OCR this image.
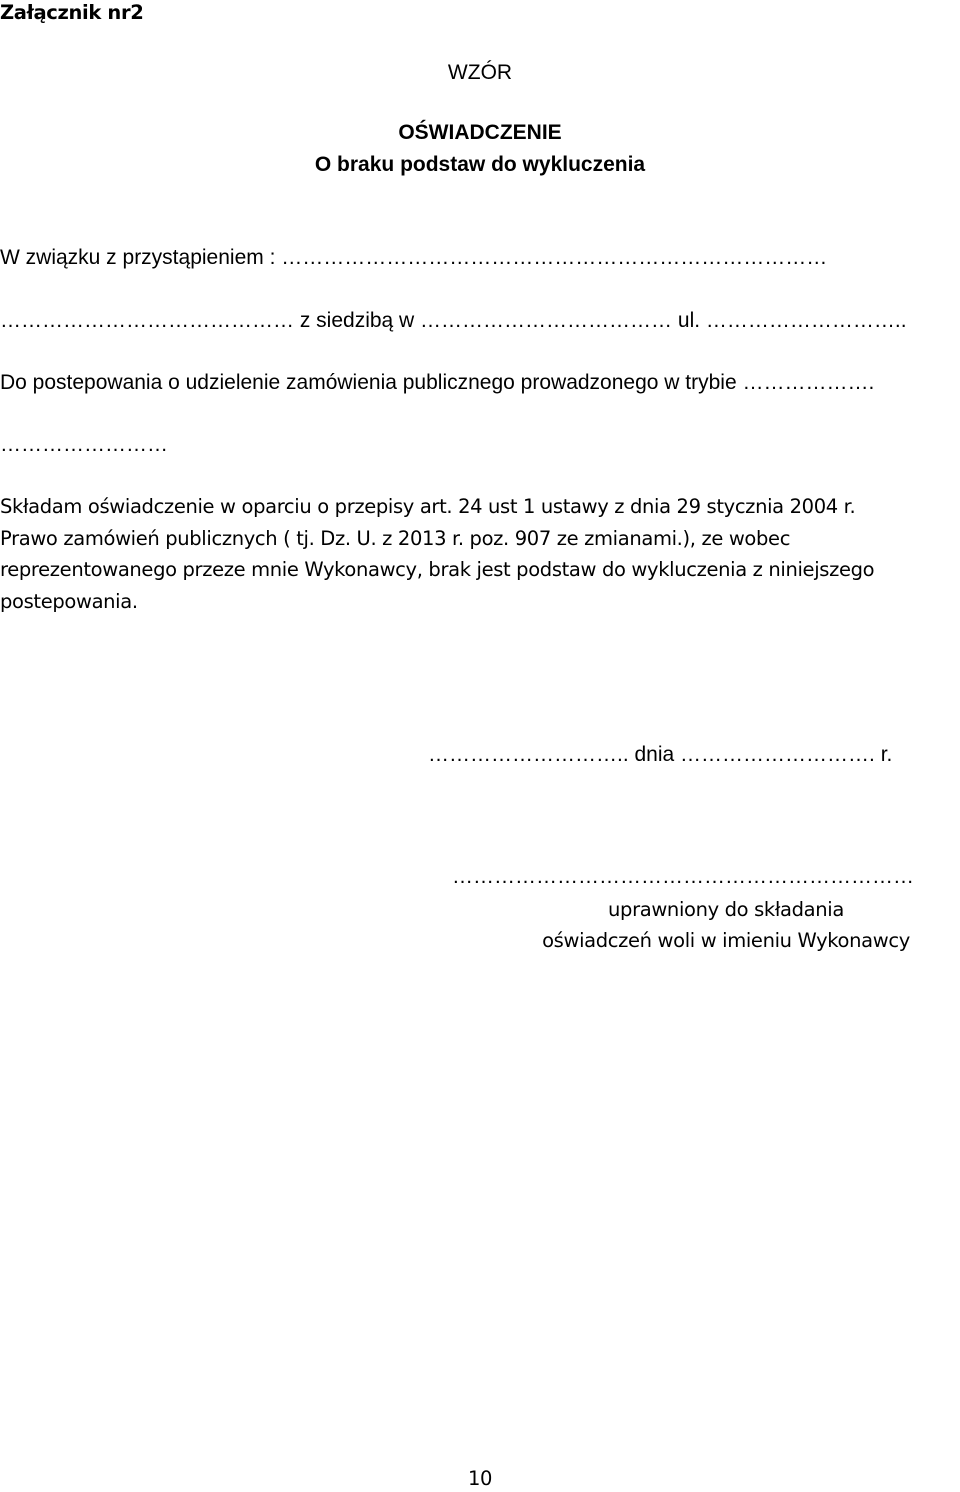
Załącznik nr2
WZÓR
OŚWIADCZENIE
O braku podstaw do wykluczenia
W związku z przystąpieniem : ……………………………………………………………………
…………………………………… z siedzibą w ……………………………… ul. ………………………..
Do postepowania o udzielenie zamówienia publicznego prowadzonego w trybie ……………….
……………………
Składam oświadczenie w oparciu o przepisy art. 24 ust 1 ustawy z dnia 29 stycznia 2004 r.
Prawo zamówień publicznych ( tj. Dz. U. z 2013 r. poz. 907 ze zmianami.), ze wobec
reprezentowanego przeze mnie Wykonawcy, brak jest podstaw do wykluczenia z niniejszego
postepowania.
……………………….. dnia ………………………. r.
…………………………………………………………
uprawniony do składania
oświadczeń woli w imieniu Wykonawcy
10
